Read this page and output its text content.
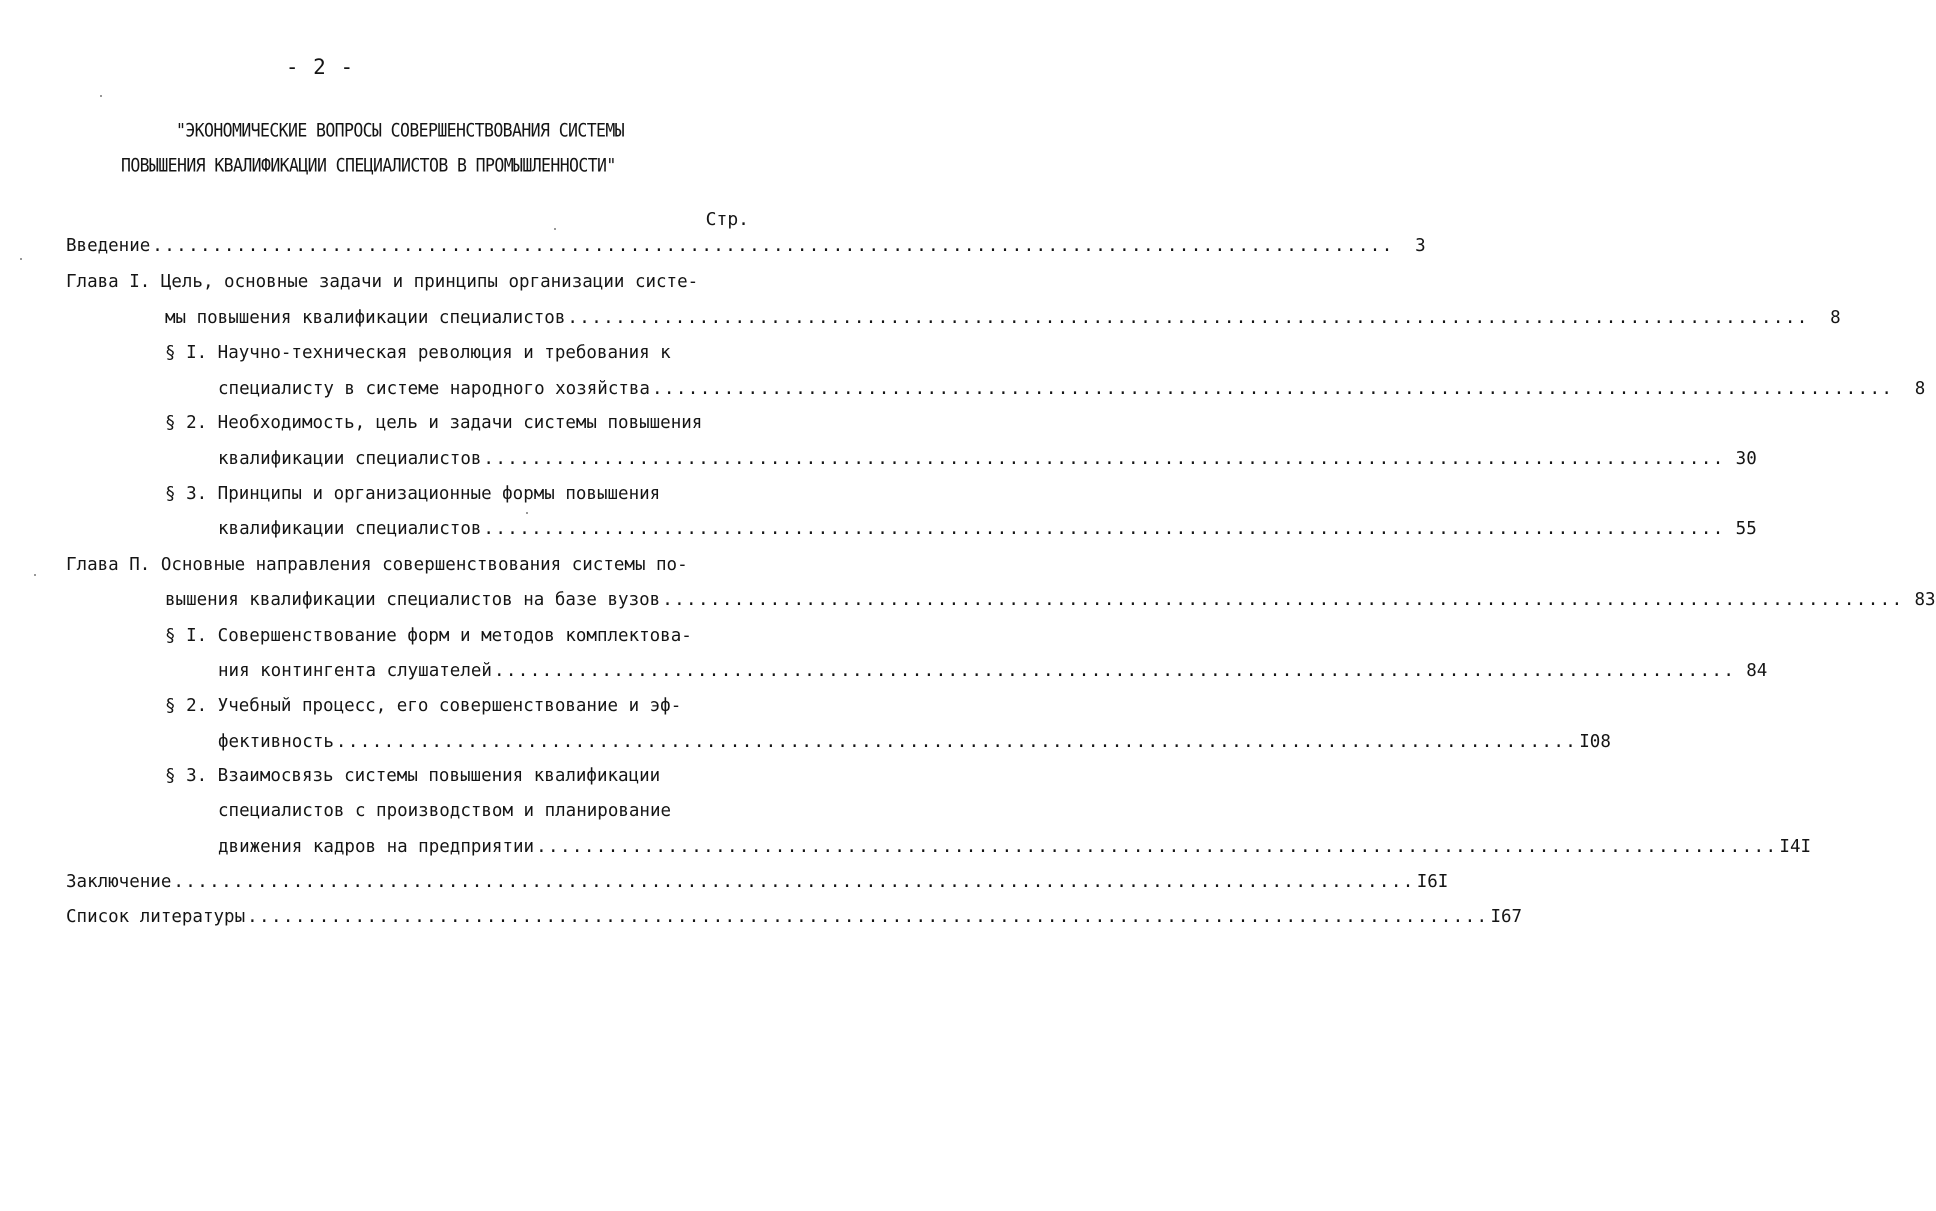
- 2 -
"ЭКОНОМИЧЕСКИЕ ВОПРОСЫ СОВЕРШЕНСТВОВАНИЯ СИСТЕМЫ
ПОВЫШЕНИЯ КВАЛИФИКАЦИИ СПЕЦИАЛИСТОВ В ПРОМЫШЛЕННОСТИ"
Стр.
Введение ........................................................................................................	3
Глава I. Цель, основные задачи и принципы организации систе-
мы повышения квалификации специалистов ........................................................................................................	8
§ I. Научно-техническая революция и требования к
специалисту в системе народного хозяйства ........................................................................................................	8
§ 2. Необходимость, цель и задачи системы повышения
квалификации специалистов ........................................................................................................ 30
§ 3. Принципы и организационные формы повышения
квалификации специалистов ........................................................................................................ 55
Глава П. Основные направления совершенствования системы по-
вышения квалификации специалистов на базе вузов ........................................................................................................ 83
§ I. Совершенствование форм и методов комплектова-
ния контингента слушателей ........................................................................................................ 84
§ 2. Учебный процесс, его совершенствование и эф-
фективность ........................................................................................................ I08
§ 3. Взаимосвязь системы повышения квалификации
специалистов с производством и планирование
движения кадров на предприятии ........................................................................................................ I4I
Заключение ........................................................................................................ I6I
Список литературы ........................................................................................................ I67
